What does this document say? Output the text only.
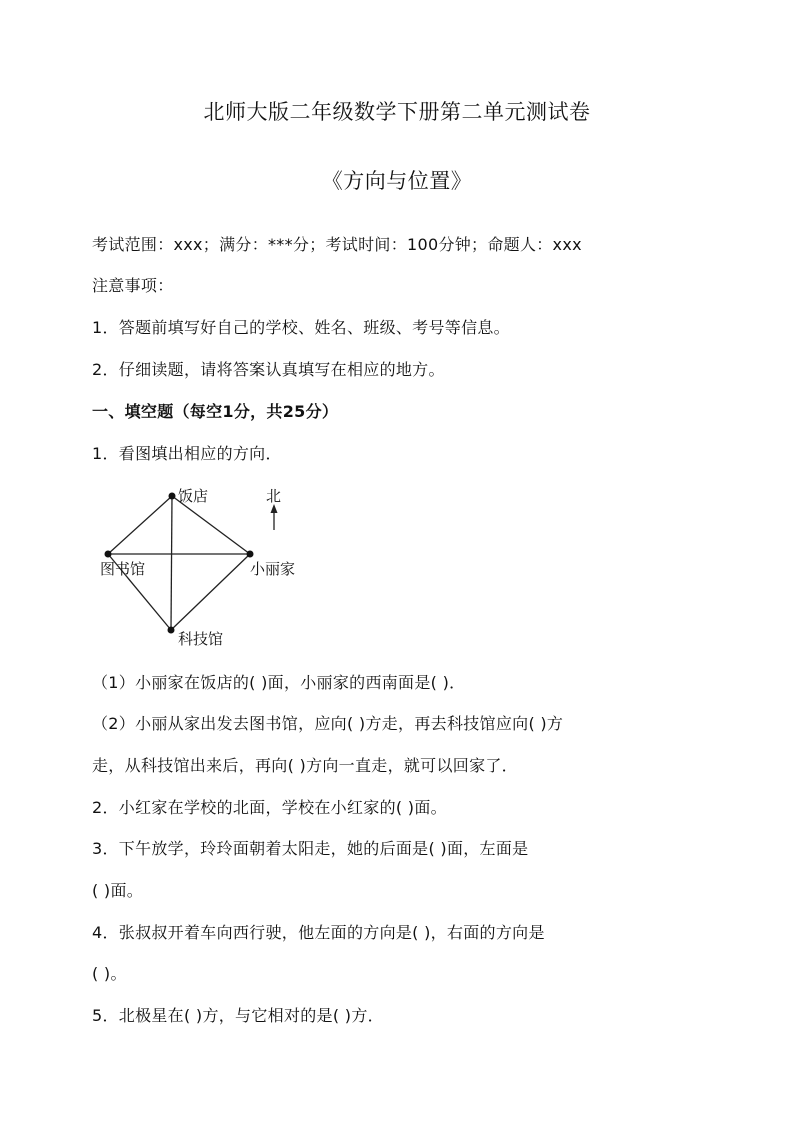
北师大版二年级数学下册第二单元测试卷
《方向与位置》
考试范围：xxx；满分：***分；考试时间：100分钟；命题人：xxx
注意事项：
1．答题前填写好自己的学校、姓名、班级、考号等信息。
2．仔细读题，请将答案认真填写在相应的地方。
一、填空题（每空1分，共25分）
1．看图填出相应的方向．
饭店	北
图书馆	小丽家
科技馆
（1）小丽家在饭店的( )面，小丽家的西南面是( )．
（2）小丽从家出发去图书馆，应向( )方走，再去科技馆应向( )方
走，从科技馆出来后，再向( )方向一直走，就可以回家了．
2．小红家在学校的北面，学校在小红家的( )面。
3．下午放学，玲玲面朝着太阳走，她的后面是( )面，左面是
( )面。
4．张叔叔开着车向西行驶，他左面的方向是( )，右面的方向是
( )。
5．北极星在( )方，与它相对的是( )方．
